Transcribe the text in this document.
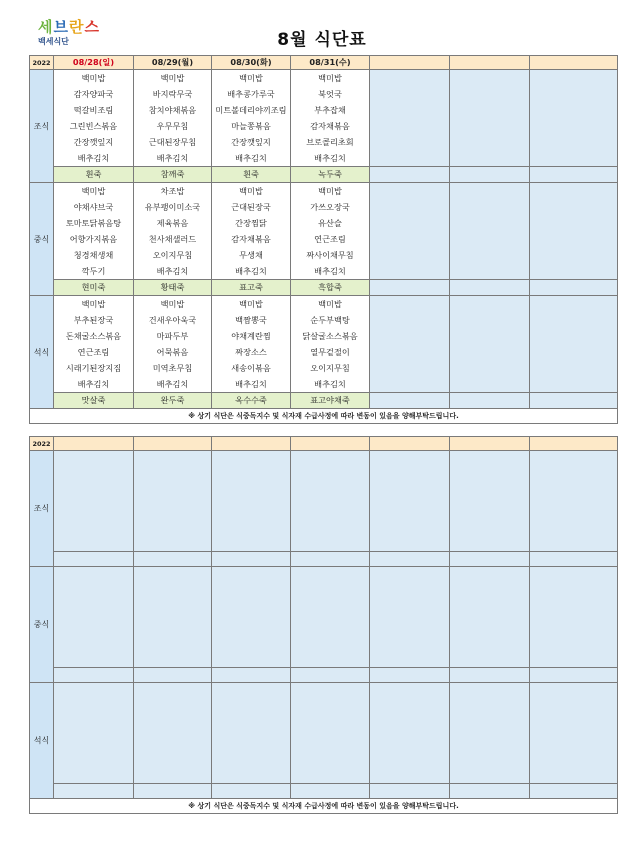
세브란스
백세식단	8월 식단표
2022	08/28(일)	08/29(월)	08/30(화)	08/31(수)			
조식	백미밥	백미밥	백미밥	백미밥			
	감자양파국	바지락무국	배추콩가루국	북엇국			
	떡갈비조림	참치야채볶음	미트볼데리야끼조림	부추잡채			
	그린빈스볶음	우무무침	마늘쫑볶음	감자채볶음			
	간장깻잎지	근대된장무침	간장깻잎지	브로콜리초회			
	배추김치	배추김치	배추김치	배추김치			
	흰죽	참깨죽	흰죽	녹두죽			
중식	백미밥	차조밥	백미밥	백미밥			
	야채샤브국	유부팽이미소국	근대된장국	가쓰오장국			
	토마토닭볶음탕	제육볶음	간장찜닭	유산슬			
	어향가지볶음	천사채샐러드	감자채볶음	연근조림			
	청경채생채	오이지무침	무생채	짜사이채무침			
	깍두기	배추김치	배추김치	배추김치			
	현미죽	황태죽	표고죽	흑합죽			
석식	백미밥	백미밥	백미밥	백미밥			
	부추된장국	건새우아욱국	백짬뽕국	순두부백탕			
	돈채굴소스볶음	마파두부	야채계란찜	닭살굴소스볶음			
	연근조림	어묵볶음	짜장소스	열무겉절이			
	시래기된장지짐	미역초무침	새송이볶음	오이지무침			
	배추김치	배추김치	배추김치	배추김치			
	맛살죽	완두죽	옥수수죽	표고야채죽			
※ 상기 식단은 식중독지수 및 식자재 수급사정에 따라 변동이 있음을 양해부탁드립니다.							
2022							
조식							

중식							

석식							

※ 상기 식단은 식중독지수 및 식자재 수급사정에 따라 변동이 있음을 양해부탁드립니다.							
